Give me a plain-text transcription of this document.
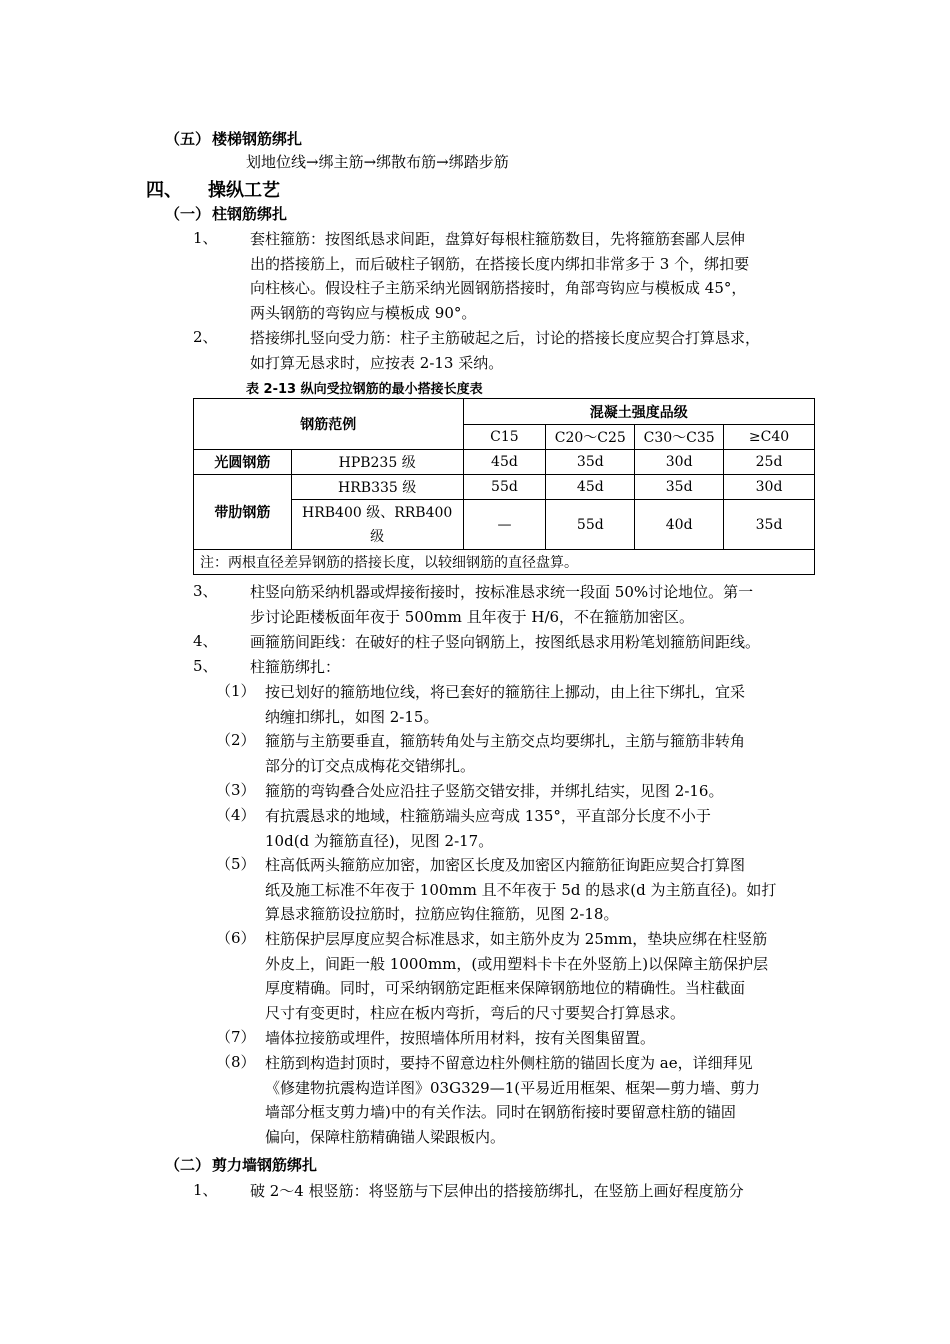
（五） 楼梯钢筋绑扎
划地位线→绑主筋→绑散布筋→绑踏步筋
四、 操纵工艺
（一） 柱钢筋绑扎
1、 套柱箍筋：按图纸恳求间距，盘算好每根柱箍筋数目，先将箍筋套鄙人层伸
出的搭接筋上，而后破柱子钢筋，在搭接长度内绑扣非常多于 3 个，绑扣要
向柱核心。假设柱子主筋采纳光圆钢筋搭接时，角部弯钩应与模板成 45°，
两头钢筋的弯钩应与模板成 90°。
2、 搭接绑扎竖向受力筋：柱子主筋破起之后，讨论的搭接长度应契合打算恳求，
如打算无恳求时，应按表 2-13 采纳。
表 2-13 纵向受拉钢筋的最小搭接长度表
钢筋范例		混凝土强度品级			
		C15	C20～C25	C30～C35	≥C40
光圆钢筋	HPB235 级	45d	35d	30d	25d
带肋钢筋	HRB335 级	55d	45d	35d	30d

	HRB400 级、RRB400
级	—	55d	40d	35d
注：两根直径差异钢筋的搭接长度，以较细钢筋的直径盘算。					
3、 柱竖向筋采纳机器或焊接衔接时，按标准恳求统一段面 50%讨论地位。第一
步讨论距楼板面年夜于 500mm 且年夜于 H/6，不在箍筋加密区。
4、 画箍筋间距线：在破好的柱子竖向钢筋上，按图纸恳求用粉笔划箍筋间距线。
5、 柱箍筋绑扎：
（1） 按已划好的箍筋地位线，将已套好的箍筋往上挪动，由上往下绑扎，宜采
纳缠扣绑扎，如图 2-15。
（2） 箍筋与主筋要垂直，箍筋转角处与主筋交点均要绑扎，主筋与箍筋非转角
部分的订交点成梅花交错绑扎。
（3） 箍筋的弯钩叠合处应沿拄子竖筋交错安排，并绑扎结实，见图 2-16。
（4） 有抗震恳求的地域，柱箍筋端头应弯成 135°，平直部分长度不小于
10d(d 为箍筋直径)，见图 2-17。
（5） 柱高低两头箍筋应加密，加密区长度及加密区内箍筋征询距应契合打算图
纸及施工标准不年夜于 100mm 且不年夜于 5d 的恳求(d 为主筋直径)。如打
算恳求箍筋设拉筋时，拉筋应钩住箍筋，见图 2-18。
（6） 柱筋保护层厚度应契合标准恳求，如主筋外皮为 25mm，垫块应绑在柱竖筋
外皮上，间距一般 1000mm，(或用塑料卡卡在外竖筋上)以保障主筋保护层
厚度精确。同时，可采纳钢筋定距框来保障钢筋地位的精确性。当柱截面
尺寸有变更时，柱应在板内弯折，弯后的尺寸要契合打算恳求。
（7） 墙体拉接筋或埋件，按照墙体所用材料，按有关图集留置。
（8） 柱筋到构造封顶时，要持不留意边柱外侧柱筋的锚固长度为 ae，详细拜见
《修建物抗震构造详图》03G329—1(平易近用框架、框架—剪力墙、剪力
墙部分框支剪力墙)中的有关作法。同时在钢筋衔接时要留意柱筋的锚固
偏向，保障柱筋精确锚人梁跟板内。
（二） 剪力墙钢筋绑扎
1、 破 2～4 根竖筋：将竖筋与下层伸出的搭接筋绑扎，在竖筋上画好程度筋分
